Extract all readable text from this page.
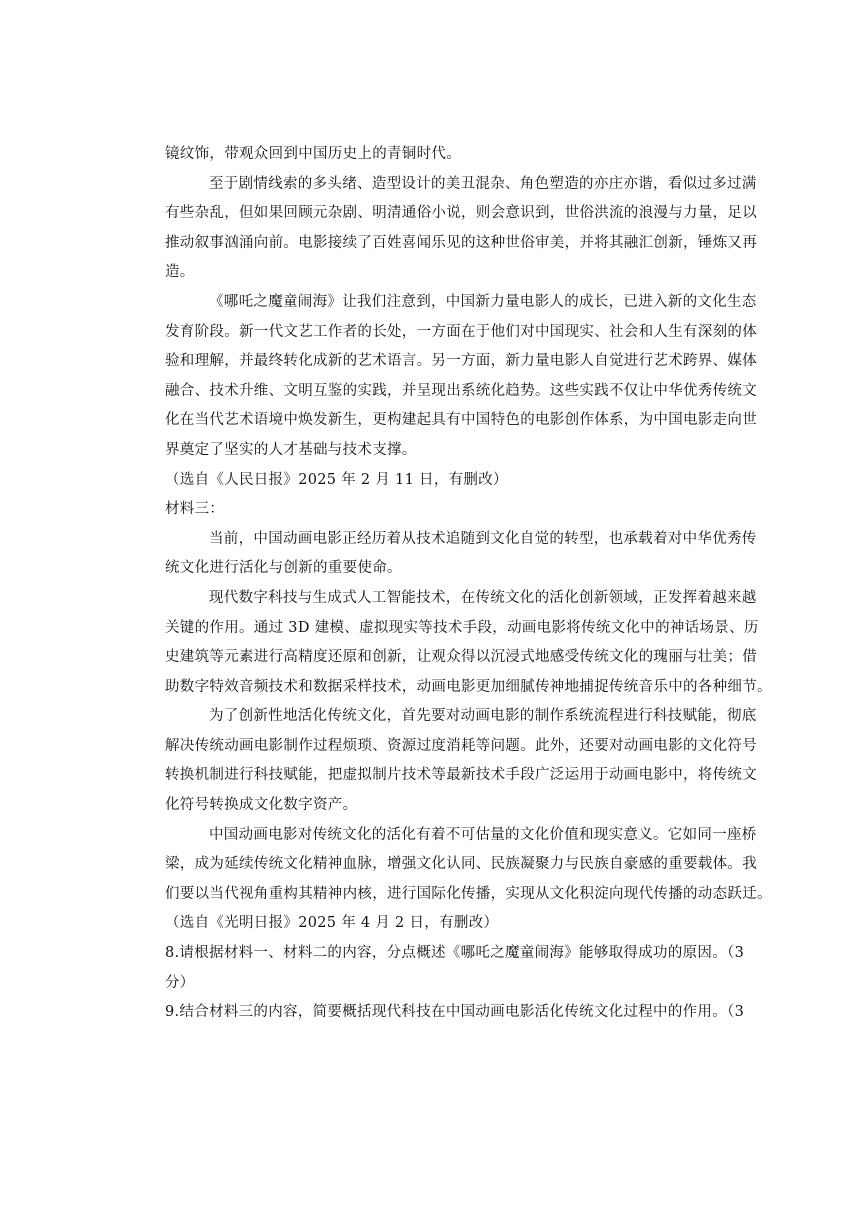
镜纹饰，带观众回到中国历史上的青铜时代。
至于剧情线索的多头绪、造型设计的美丑混杂、角色塑造的亦庄亦谐，看似过多过满
有些杂乱，但如果回顾元杂剧、明清通俗小说，则会意识到，世俗洪流的浪漫与力量，足以
推动叙事汹涌向前。电影接续了百姓喜闻乐见的这种世俗审美，并将其融汇创新，锤炼又再
造。
《哪吒之魔童闹海》让我们注意到，中国新力量电影人的成长，已进入新的文化生态
发育阶段。新一代文艺工作者的长处，一方面在于他们对中国现实、社会和人生有深刻的体
验和理解，并最终转化成新的艺术语言。另一方面，新力量电影人自觉进行艺术跨界、媒体
融合、技术升维、文明互鉴的实践，并呈现出系统化趋势。这些实践不仅让中华优秀传统文
化在当代艺术语境中焕发新生，更构建起具有中国特色的电影创作体系，为中国电影走向世
界奠定了坚实的人才基础与技术支撑。
（选自《人民日报》2025 年 2 月 11 日，有删改）
材料三：
当前，中国动画电影正经历着从技术追随到文化自觉的转型，也承载着对中华优秀传
统文化进行活化与创新的重要使命。
现代数字科技与生成式人工智能技术，在传统文化的活化创新领域，正发挥着越来越
关键的作用。通过 3D 建模、虚拟现实等技术手段，动画电影将传统文化中的神话场景、历
史建筑等元素进行高精度还原和创新，让观众得以沉浸式地感受传统文化的瑰丽与壮美；借
助数字特效音频技术和数据采样技术，动画电影更加细腻传神地捕捉传统音乐中的各种细节。
为了创新性地活化传统文化，首先要对动画电影的制作系统流程进行科技赋能，彻底
解决传统动画电影制作过程烦琐、资源过度消耗等问题。此外，还要对动画电影的文化符号
转换机制进行科技赋能，把虚拟制片技术等最新技术手段广泛运用于动画电影中，将传统文
化符号转换成文化数字资产。
中国动画电影对传统文化的活化有着不可估量的文化价值和现实意义。它如同一座桥
梁，成为延续传统文化精神血脉，增强文化认同、民族凝聚力与民族自豪感的重要载体。我
们要以当代视角重构其精神内核，进行国际化传播，实现从文化积淀向现代传播的动态跃迁。
（选自《光明日报》2025 年 4 月 2 日，有删改）
8.请根据材料一、材料二的内容，分点概述《哪吒之魔童闹海》能够取得成功的原因。（3
分）
9.结合材料三的内容，简要概括现代科技在中国动画电影活化传统文化过程中的作用。（3
